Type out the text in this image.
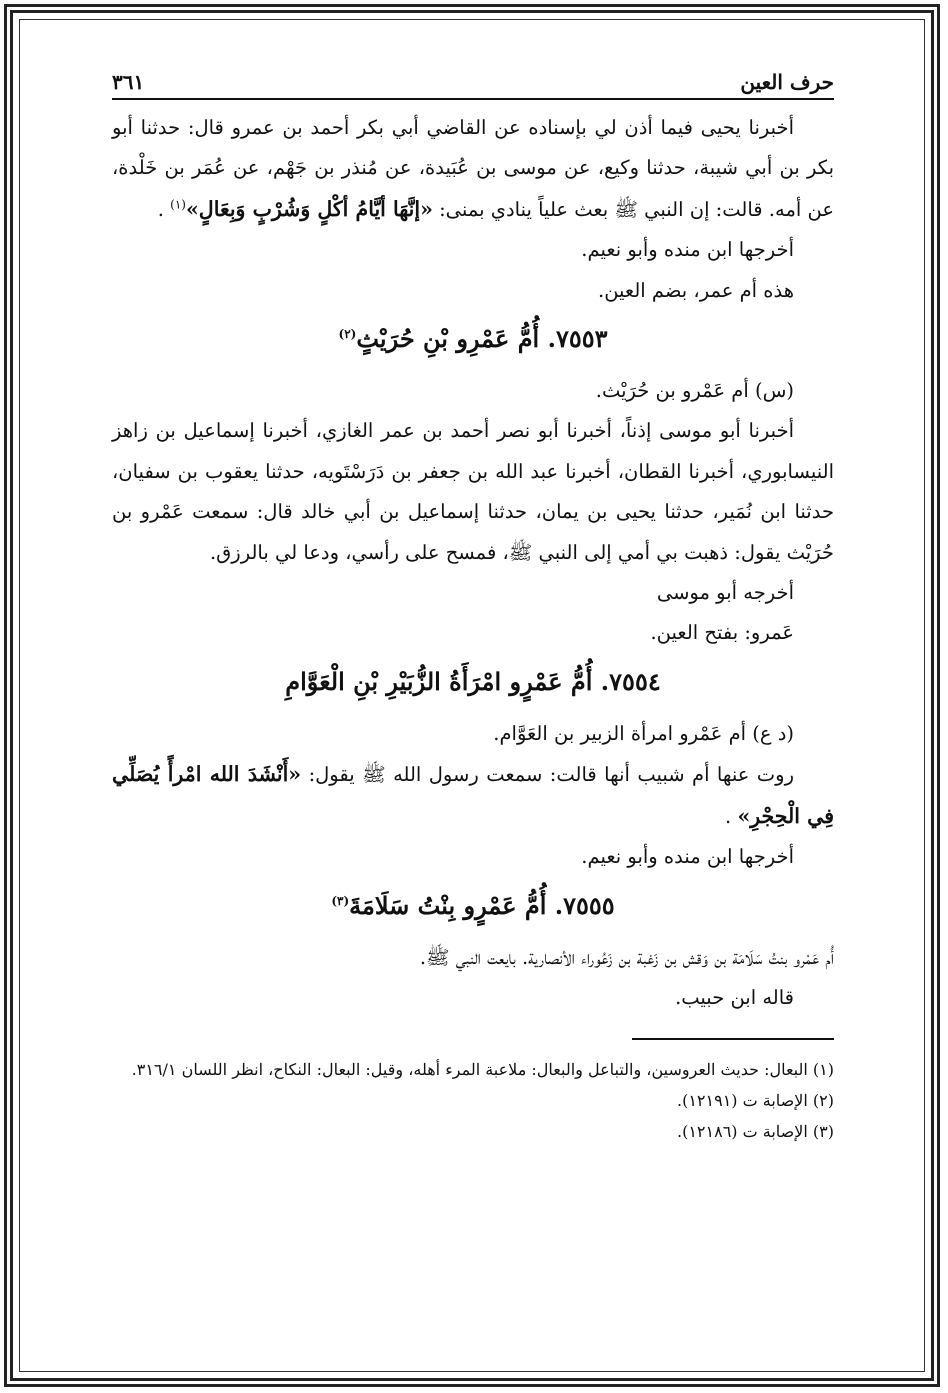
حرف العين
٣٦١

أخبرنا يحيى فيما أذن لي بإسناده عن القاضي أبي بكر أحمد بن عمرو قال: حدثنا أبو بكر بن أبي شيبة، حدثنا وكيع، عن موسى بن عُبَيدة، عن مُنذر بن جَهْم، عن عُمَر بن خَلْدة، عن أمه. قالت: إن النبي ﷺ بعث علياً ينادي بمنى: «إنَّهَا أيَّامُ أكْلٍ وَشُرْبٍ وَبِعَالٍ»$^{(١)}$ .

أخرجها ابن منده وأبو نعيم.

هذه أم عمر، بضم العين.

٧٥٥٣. أُمُّ عَمْرِو بْنِ حُرَيْثٍ$^{(٢)}$

(س) أم عَمْرو بن حُرَيْث.

أخبرنا أبو موسى إذناً، أخبرنا أبو نصر أحمد بن عمر الغازي، أخبرنا إسماعيل بن زاهز النيسابوري، أخبرنا القطان، أخبرنا عبد الله بن جعفر بن دَرَسْتَويه، حدثنا يعقوب بن سفيان، حدثنا ابن نُمَير، حدثنا يحيى بن يمان، حدثنا إسماعيل بن أبي خالد قال: سمعت عَمْرو بن حُرَيْث يقول: ذهبت بي أمي إلى النبي ﷺ، فمسح على رأسي، ودعا لي بالرزق.

أخرجه أبو موسى

عَمرو: بفتح العين.

٧٥٥٤. أُمُّ عَمْرٍو امْرَأَةُ الزُّبَيْرِ بْنِ الْعَوَّامِ

(د ع) أم عَمْرو امرأة الزبير بن العَوَّام.

روت عنها أم شبيب أنها قالت: سمعت رسول الله ﷺ يقول: «أَنْشَدَ الله امْرأً يُصَلِّي فِي الْحِجْرِ» .

أخرجها ابن منده وأبو نعيم.

٧٥٥٥. أُمُّ عَمْرٍو بِنْتُ سَلَامَةَ$^{(٣)}$

أُم عَمْرو بنتُ سَلَامَة بن وَقش بن زَغبة بن زَعُوراء الأنصارية. بايعت النبي ﷺ.

قاله ابن حبيب.

(١) البعال: حديث العروسين، والتباعل والبعال: ملاعبة المرء أهله، وقيل: البعال: النكاح، انظر اللسان ٣١٦/١.

(٢) الإصابة ت (١٢١٩١).

(٣) الإصابة ت (١٢١٨٦).
